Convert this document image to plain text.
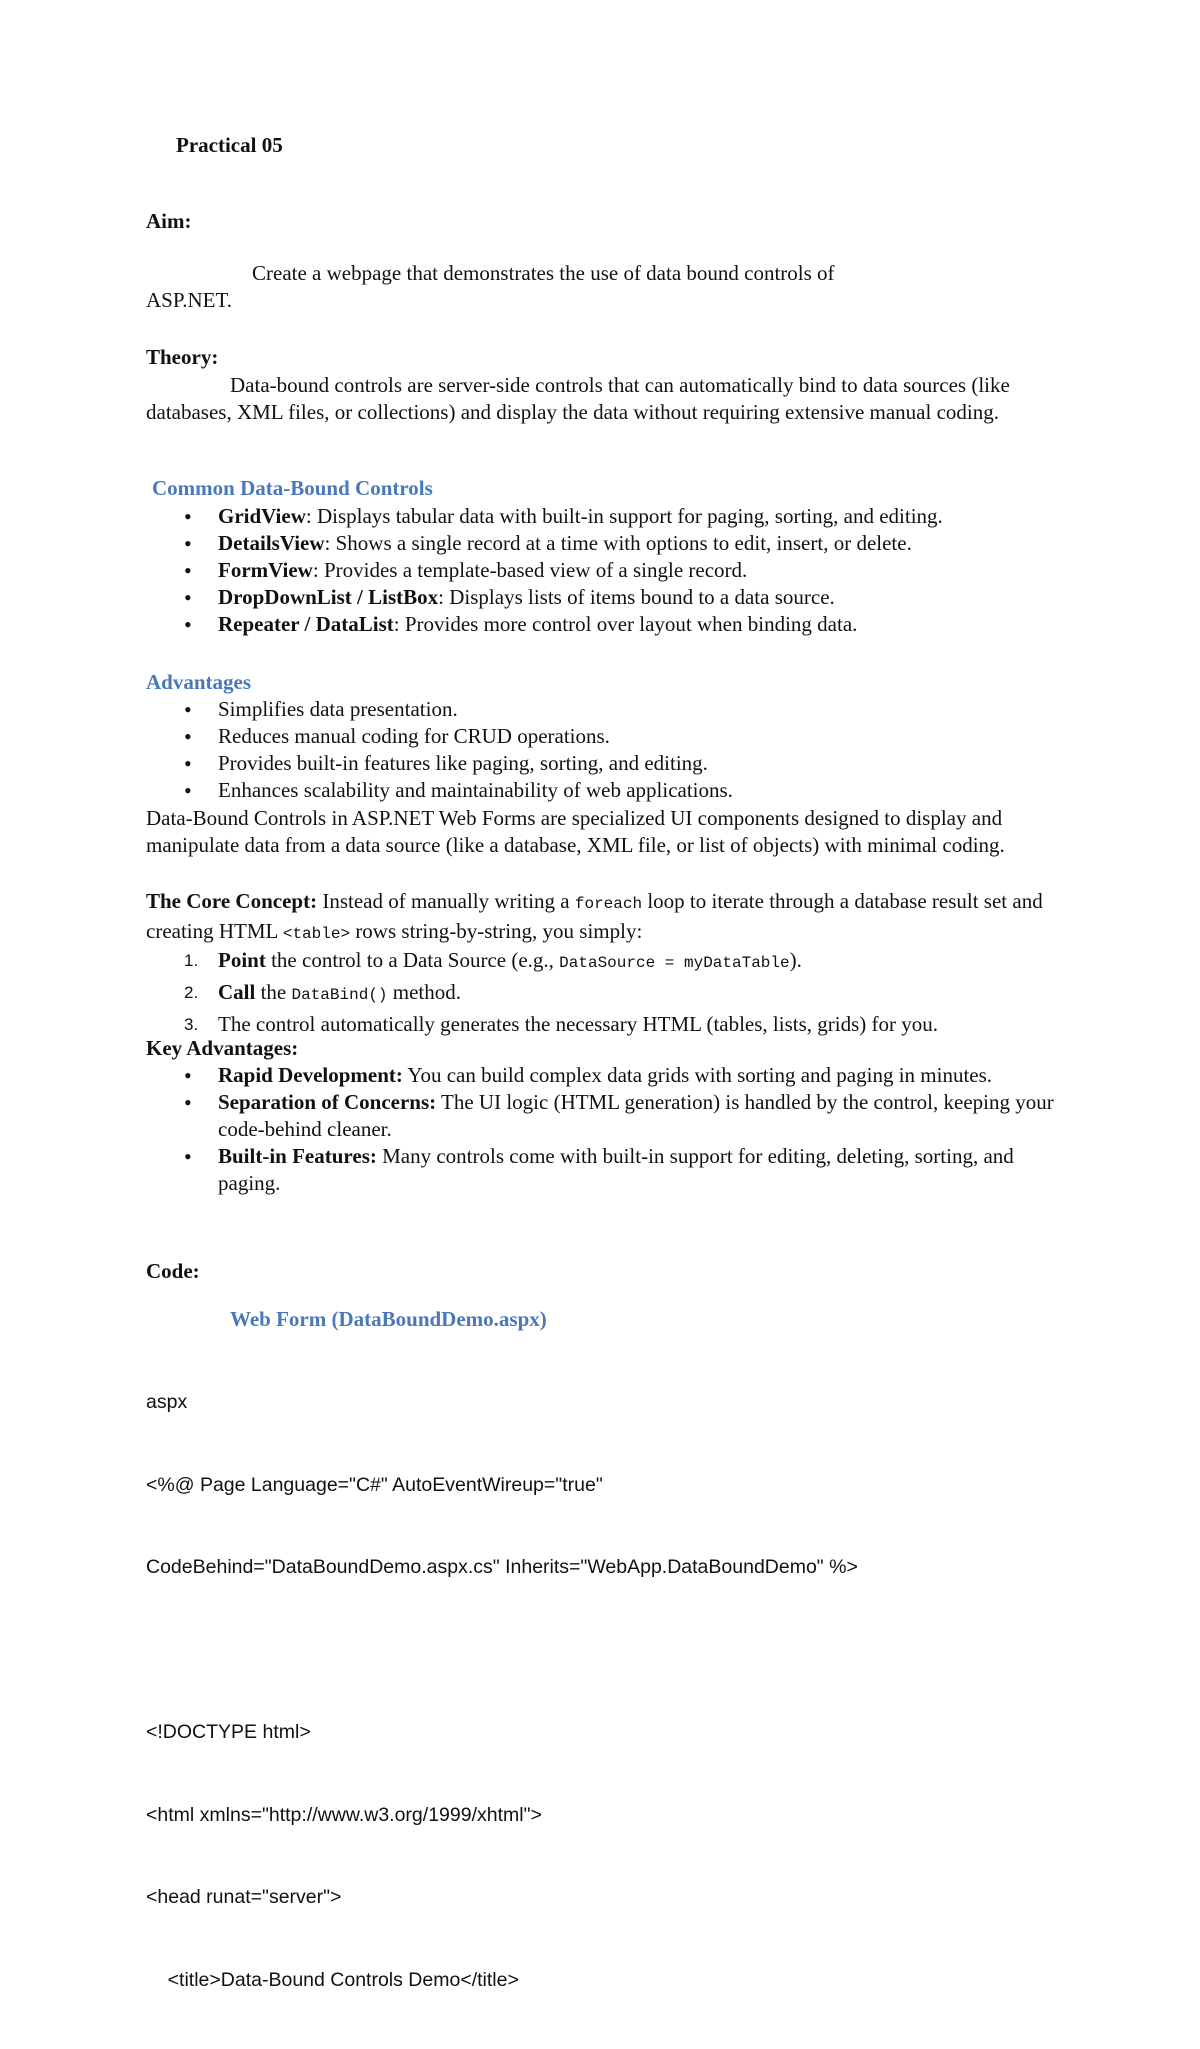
Practical 05
Aim:
Create a webpage that demonstrates the use of data bound controls of
ASP.NET.
Theory:

Data-bound controls are server-side controls that can automatically bind to data sources (like databases, XML files, or collections) and display the data without requiring extensive manual coding.

Common Data-Bound Controls
• GridView: Displays tabular data with built-in support for paging, sorting, and editing.
• DetailsView: Shows a single record at a time with options to edit, insert, or delete.
• FormView: Provides a template-based view of a single record.
• DropDownList / ListBox: Displays lists of items bound to a data source.
• Repeater / DataList: Provides more control over layout when binding data.
Advantages
• Simplifies data presentation.
• Reduces manual coding for CRUD operations.
• Provides built-in features like paging, sorting, and editing.
• Enhances scalability and maintainability of web applications.

Data-Bound Controls in ASP.NET Web Forms are specialized UI components designed to display and manipulate data from a data source (like a database, XML file, or list of objects) with minimal coding.

The Core Concept: Instead of manually writing a foreach loop to iterate through a database result set and creating HTML <table> rows string-by-string, you simply:

1. Point the control to a Data Source (e.g., DataSource = myDataTable).
2. Call the DataBind() method.
3. The control automatically generates the necessary HTML (tables, lists, grids) for you.
Key Advantages:
• Rapid Development: You can build complex data grids with sorting and paging in minutes.
• Separation of Concerns: The UI logic (HTML generation) is handled by the control, keeping your code-behind cleaner.
• Built-in Features: Many controls come with built-in support for editing, deleting, sorting, and paging.
Code:
Web Form (DataBoundDemo.aspx)

aspx

<%@ Page Language="C#" AutoEventWireup="true"

CodeBehind="DataBoundDemo.aspx.cs" Inherits="WebApp.DataBoundDemo" %>

<!DOCTYPE html>

<html xmlns="http://www.w3.org/1999/xhtml">

<head runat="server">

<title>Data-Bound Controls Demo</title>
